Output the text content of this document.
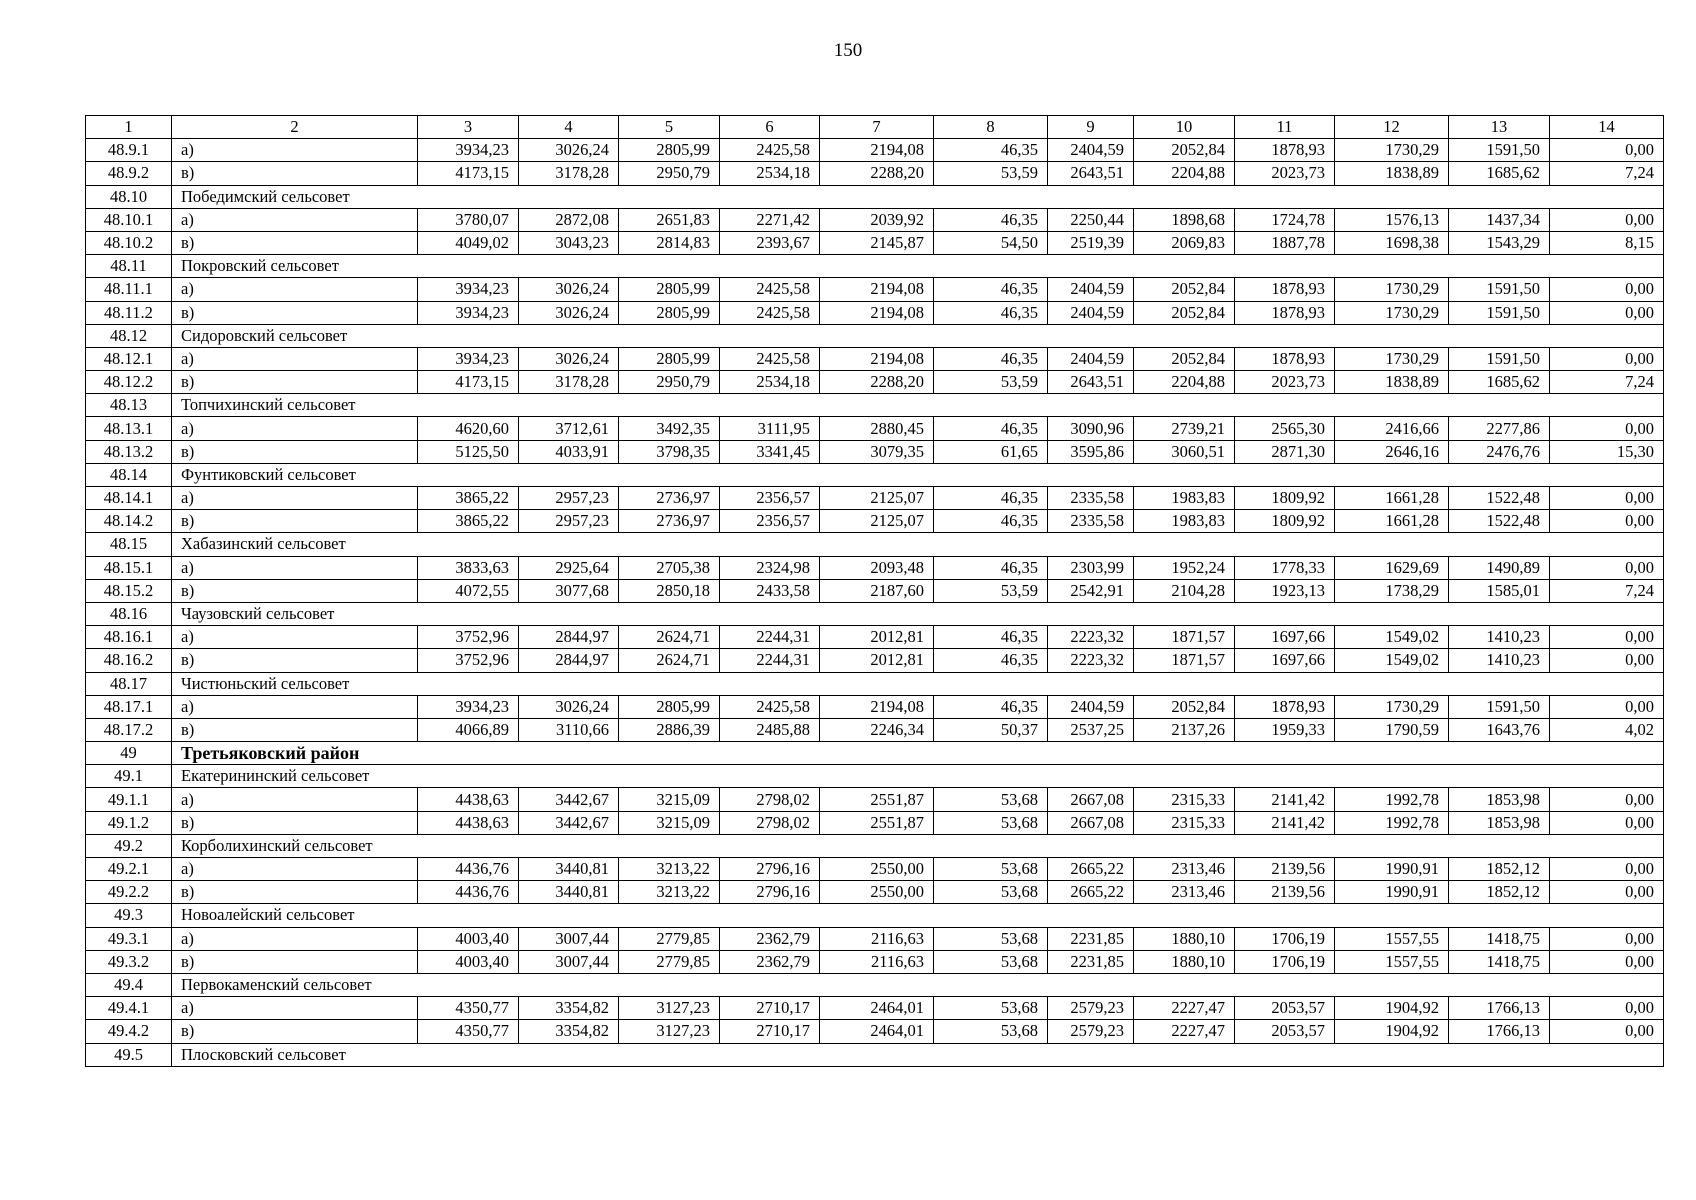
150
1	2	3	4	5	6	7	8	9	10	11	12	13	14
48.9.1	а)	3934,23	3026,24	2805,99	2425,58	2194,08	46,35	2404,59	2052,84	1878,93	1730,29	1591,50	0,00
48.9.2	в)	4173,15	3178,28	2950,79	2534,18	2288,20	53,59	2643,51	2204,88	2023,73	1838,89	1685,62	7,24
48.10	Победимский сельсовет												
48.10.1	а)	3780,07	2872,08	2651,83	2271,42	2039,92	46,35	2250,44	1898,68	1724,78	1576,13	1437,34	0,00
48.10.2	в)	4049,02	3043,23	2814,83	2393,67	2145,87	54,50	2519,39	2069,83	1887,78	1698,38	1543,29	8,15
48.11	Покровский сельсовет												
48.11.1	а)	3934,23	3026,24	2805,99	2425,58	2194,08	46,35	2404,59	2052,84	1878,93	1730,29	1591,50	0,00
48.11.2	в)	3934,23	3026,24	2805,99	2425,58	2194,08	46,35	2404,59	2052,84	1878,93	1730,29	1591,50	0,00
48.12	Сидоровский сельсовет												
48.12.1	а)	3934,23	3026,24	2805,99	2425,58	2194,08	46,35	2404,59	2052,84	1878,93	1730,29	1591,50	0,00
48.12.2	в)	4173,15	3178,28	2950,79	2534,18	2288,20	53,59	2643,51	2204,88	2023,73	1838,89	1685,62	7,24
48.13	Топчихинский сельсовет												
48.13.1	а)	4620,60	3712,61	3492,35	3111,95	2880,45	46,35	3090,96	2739,21	2565,30	2416,66	2277,86	0,00
48.13.2	в)	5125,50	4033,91	3798,35	3341,45	3079,35	61,65	3595,86	3060,51	2871,30	2646,16	2476,76	15,30
48.14	Фунтиковский сельсовет												
48.14.1	а)	3865,22	2957,23	2736,97	2356,57	2125,07	46,35	2335,58	1983,83	1809,92	1661,28	1522,48	0,00
48.14.2	в)	3865,22	2957,23	2736,97	2356,57	2125,07	46,35	2335,58	1983,83	1809,92	1661,28	1522,48	0,00
48.15	Хабазинский сельсовет												
48.15.1	а)	3833,63	2925,64	2705,38	2324,98	2093,48	46,35	2303,99	1952,24	1778,33	1629,69	1490,89	0,00
48.15.2	в)	4072,55	3077,68	2850,18	2433,58	2187,60	53,59	2542,91	2104,28	1923,13	1738,29	1585,01	7,24
48.16	Чаузовский сельсовет												
48.16.1	а)	3752,96	2844,97	2624,71	2244,31	2012,81	46,35	2223,32	1871,57	1697,66	1549,02	1410,23	0,00
48.16.2	в)	3752,96	2844,97	2624,71	2244,31	2012,81	46,35	2223,32	1871,57	1697,66	1549,02	1410,23	0,00
48.17	Чистюньский сельсовет												
48.17.1	а)	3934,23	3026,24	2805,99	2425,58	2194,08	46,35	2404,59	2052,84	1878,93	1730,29	1591,50	0,00
48.17.2	в)	4066,89	3110,66	2886,39	2485,88	2246,34	50,37	2537,25	2137,26	1959,33	1790,59	1643,76	4,02
49	Третьяковский район												
49.1	Екатерининский сельсовет												
49.1.1	а)	4438,63	3442,67	3215,09	2798,02	2551,87	53,68	2667,08	2315,33	2141,42	1992,78	1853,98	0,00
49.1.2	в)	4438,63	3442,67	3215,09	2798,02	2551,87	53,68	2667,08	2315,33	2141,42	1992,78	1853,98	0,00
49.2	Корболихинский сельсовет												
49.2.1	а)	4436,76	3440,81	3213,22	2796,16	2550,00	53,68	2665,22	2313,46	2139,56	1990,91	1852,12	0,00
49.2.2	в)	4436,76	3440,81	3213,22	2796,16	2550,00	53,68	2665,22	2313,46	2139,56	1990,91	1852,12	0,00
49.3	Новоалейский сельсовет												
49.3.1	а)	4003,40	3007,44	2779,85	2362,79	2116,63	53,68	2231,85	1880,10	1706,19	1557,55	1418,75	0,00
49.3.2	в)	4003,40	3007,44	2779,85	2362,79	2116,63	53,68	2231,85	1880,10	1706,19	1557,55	1418,75	0,00
49.4	Первокаменский сельсовет												
49.4.1	а)	4350,77	3354,82	3127,23	2710,17	2464,01	53,68	2579,23	2227,47	2053,57	1904,92	1766,13	0,00
49.4.2	в)	4350,77	3354,82	3127,23	2710,17	2464,01	53,68	2579,23	2227,47	2053,57	1904,92	1766,13	0,00
49.5	Плосковский сельсовет												
